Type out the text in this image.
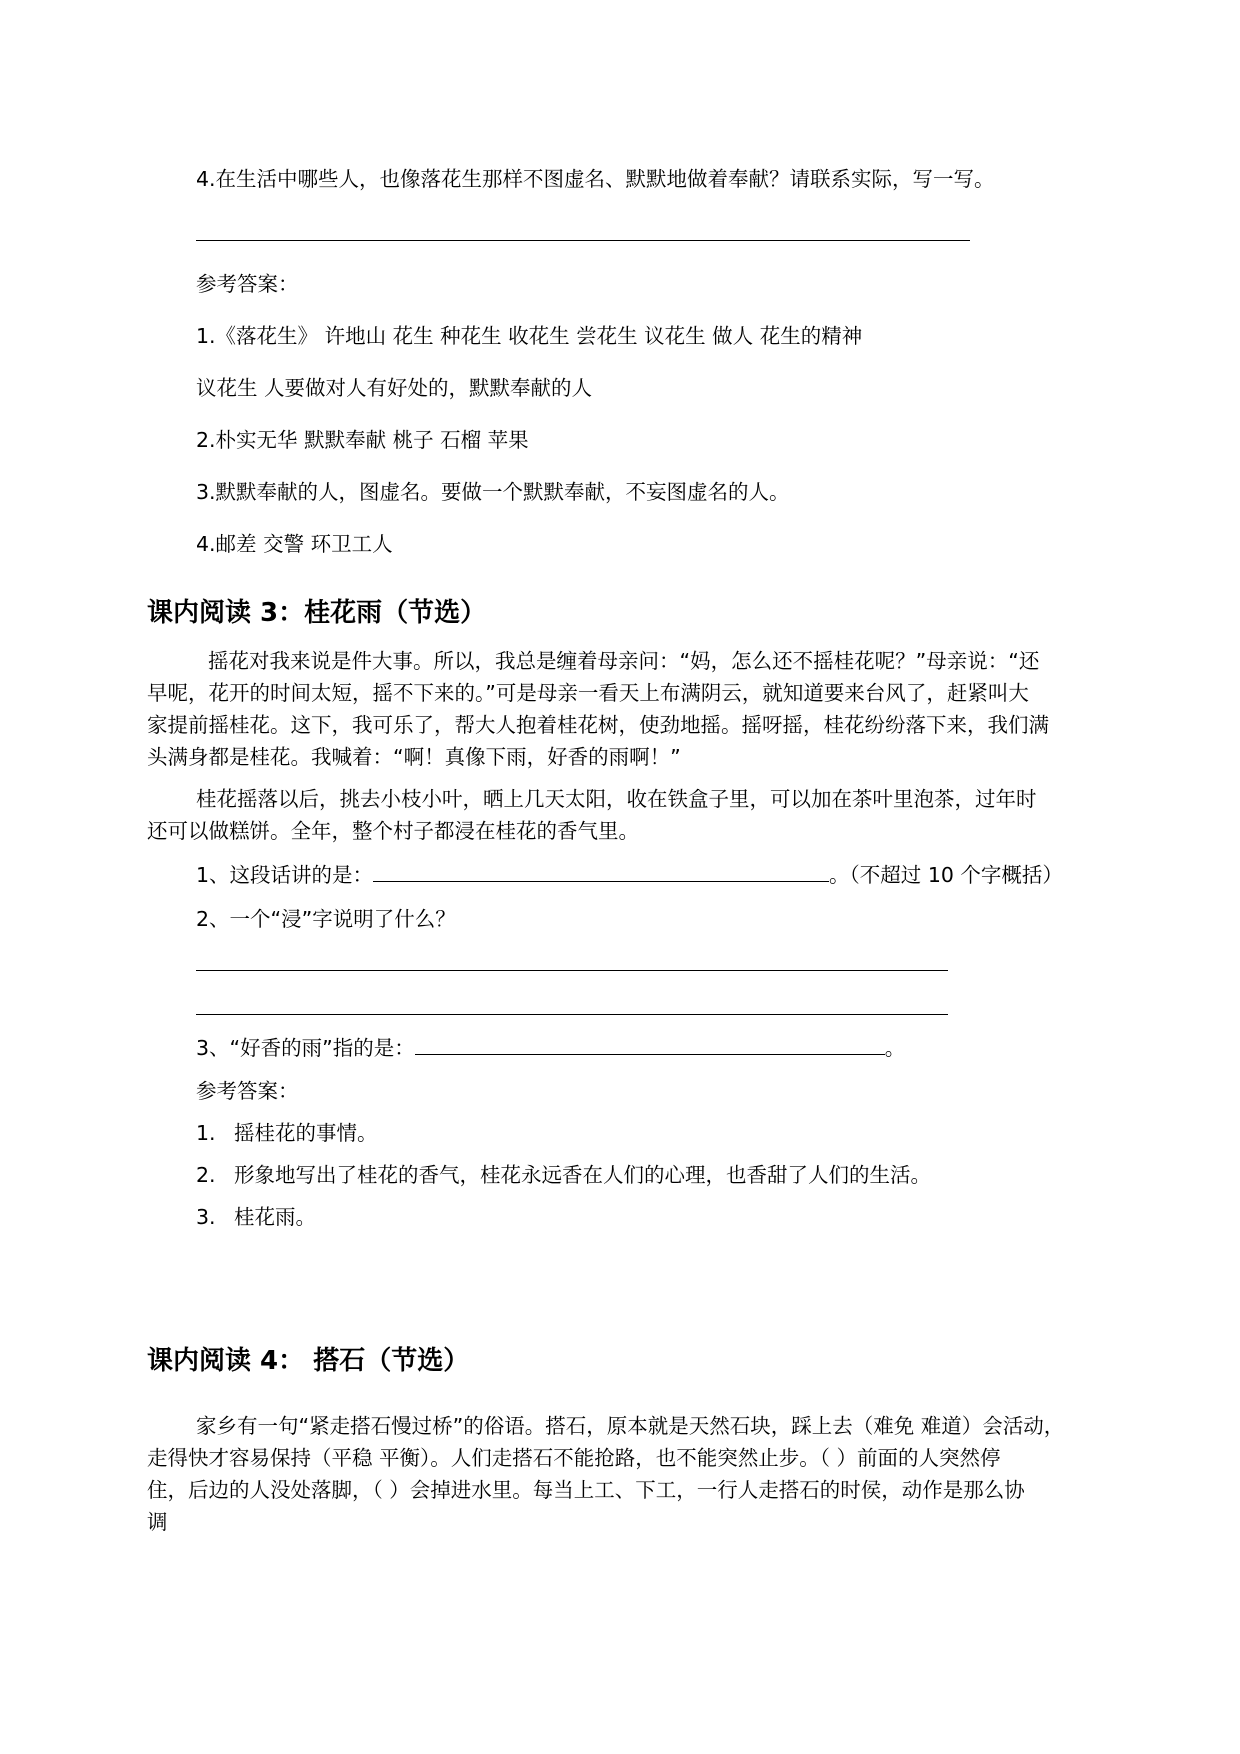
4.在生活中哪些人，也像落花生那样不图虚名、默默地做着奉献？请联系实际，写一写。
参考答案：
1.《落花生》 许地山 花生 种花生 收花生 尝花生 议花生 做人 花生的精神
议花生 人要做对人有好处的，默默奉献的人
2.朴实无华 默默奉献 桃子 石榴 苹果
3.默默奉献的人，图虚名。要做一个默默奉献，不妄图虚名的人。
4.邮差 交警 环卫工人
课内阅读 3：桂花雨（节选）
摇花对我来说是件大事。所以，我总是缠着母亲问：“妈，怎么还不摇桂花呢？”母亲说：“还
早呢，花开的时间太短，摇不下来的。”可是母亲一看天上布满阴云，就知道要来台风了，赶紧叫大
家提前摇桂花。这下，我可乐了，帮大人抱着桂花树，使劲地摇。摇呀摇，桂花纷纷落下来，我们满
头满身都是桂花。我喊着：“啊！真像下雨，好香的雨啊！”
桂花摇落以后，挑去小枝小叶，晒上几天太阳，收在铁盒子里，可以加在茶叶里泡茶，过年时
还可以做糕饼。全年，整个村子都浸在桂花的香气里。
1、这段话讲的是：	。（不超过 10 个字概括）
2、一个“浸”字说明了什么？
3、“好香的雨”指的是：	。
参考答案：
1. 摇桂花的事情。
2. 形象地写出了桂花的香气，桂花永远香在人们的心理，也香甜了人们的生活。
3. 桂花雨。
课内阅读 4： 搭石（节选）
家乡有一句“紧走搭石慢过桥”的俗语。搭石，原本就是天然石块，踩上去（难免 难道）会活动，
走得快才容易保持（平稳 平衡）。人们走搭石不能抢路，也不能突然止步。（ ）前面的人突然停
住，后边的人没处落脚，（ ）会掉进水里。每当上工、下工，一行人走搭石的时侯，动作是那么协
调
